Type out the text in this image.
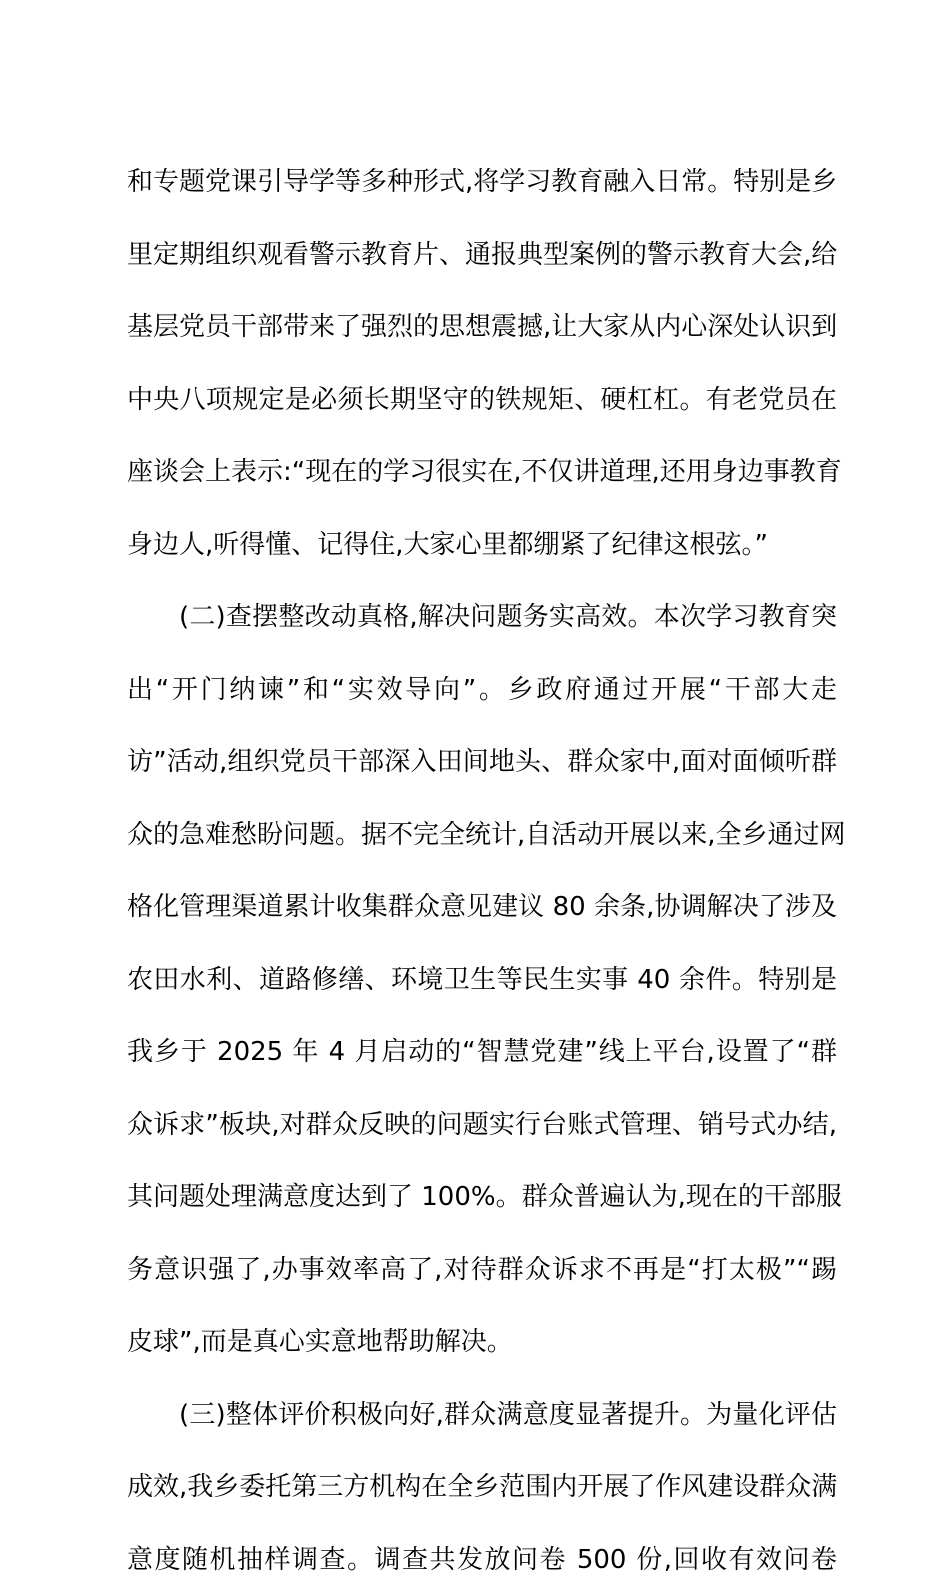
和专题党课引导学等多种形式,将学习教育融入日常。特别是乡
里定期组织观看警示教育片、通报典型案例的警示教育大会,给
基层党员干部带来了强烈的思想震撼,让大家从内心深处认识到
中央八项规定是必须长期坚守的铁规矩、硬杠杠。有老党员在
座谈会上表示:“现在的学习很实在,不仅讲道理,还用身边事教育
身边人,听得懂、记得住,大家心里都绷紧了纪律这根弦。”
(二)查摆整改动真格,解决问题务实高效。本次学习教育突
出“开门纳谏”和“实效导向”。乡政府通过开展“干部大走
访”活动,组织党员干部深入田间地头、群众家中,面对面倾听群
众的急难愁盼问题。据不完全统计,自活动开展以来,全乡通过网
格化管理渠道累计收集群众意见建议 80 余条,协调解决了涉及
农田水利、道路修缮、环境卫生等民生实事 40 余件。特别是
我乡于 2025 年 4 月启动的“智慧党建”线上平台,设置了“群
众诉求”板块,对群众反映的问题实行台账式管理、销号式办结,
其问题处理满意度达到了 100%。群众普遍认为,现在的干部服
务意识强了,办事效率高了,对待群众诉求不再是“打太极”“踢
皮球”,而是真心实意地帮助解决。
(三)整体评价积极向好,群众满意度显著提升。为量化评估
成效,我乡委托第三方机构在全乡范围内开展了作风建设群众满
意度随机抽样调查。调查共发放问卷 500 份,回收有效问卷
